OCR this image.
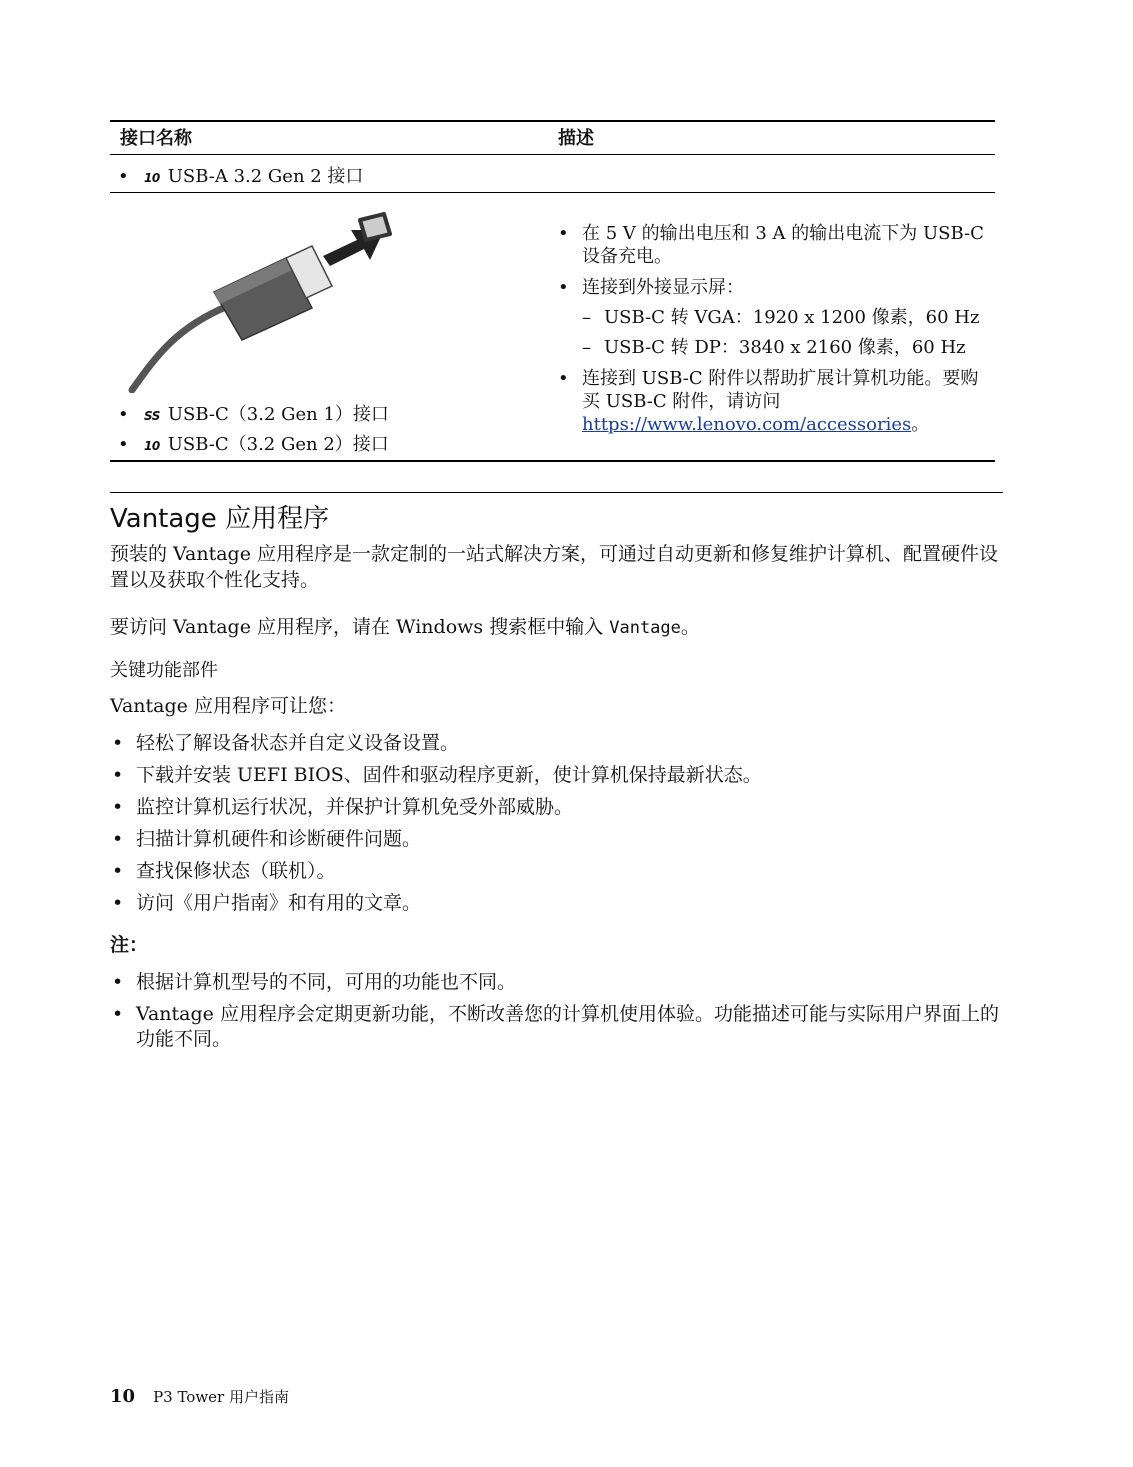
接口名称	描述
• 10 USB-A 3.2 Gen 2 接口
• SS USB-C（3.2 Gen 1）接口
• 10 USB-C（3.2 Gen 2）接口
• 在 5 V 的输出电压和 3 A 的输出电流下为 USB-C 设备充电。
• 连接到外接显示屏：
– USB-C 转 VGA：1920 x 1200 像素，60 Hz
– USB-C 转 DP：3840 x 2160 像素，60 Hz
• 连接到 USB-C 附件以帮助扩展计算机功能。要购买 USB-C 附件，请访问https://www.lenovo.com/accessories。
Vantage 应用程序
预装的 Vantage 应用程序是一款定制的一站式解决方案，可通过自动更新和修复维护计算机、配置硬件设置以及获取个性化支持。
要访问 Vantage 应用程序，请在 Windows 搜索框中输入 Vantage。
关键功能部件
Vantage 应用程序可让您：
• 轻松了解设备状态并自定义设备设置。
• 下载并安装 UEFI BIOS、固件和驱动程序更新，使计算机保持最新状态。
• 监控计算机运行状况，并保护计算机免受外部威胁。
• 扫描计算机硬件和诊断硬件问题。
• 查找保修状态（联机）。
• 访问《用户指南》和有用的文章。
注：
• 根据计算机型号的不同，可用的功能也不同。
• Vantage 应用程序会定期更新功能，不断改善您的计算机使用体验。功能描述可能与实际用户界面上的功能不同。
10 P3 Tower 用户指南
